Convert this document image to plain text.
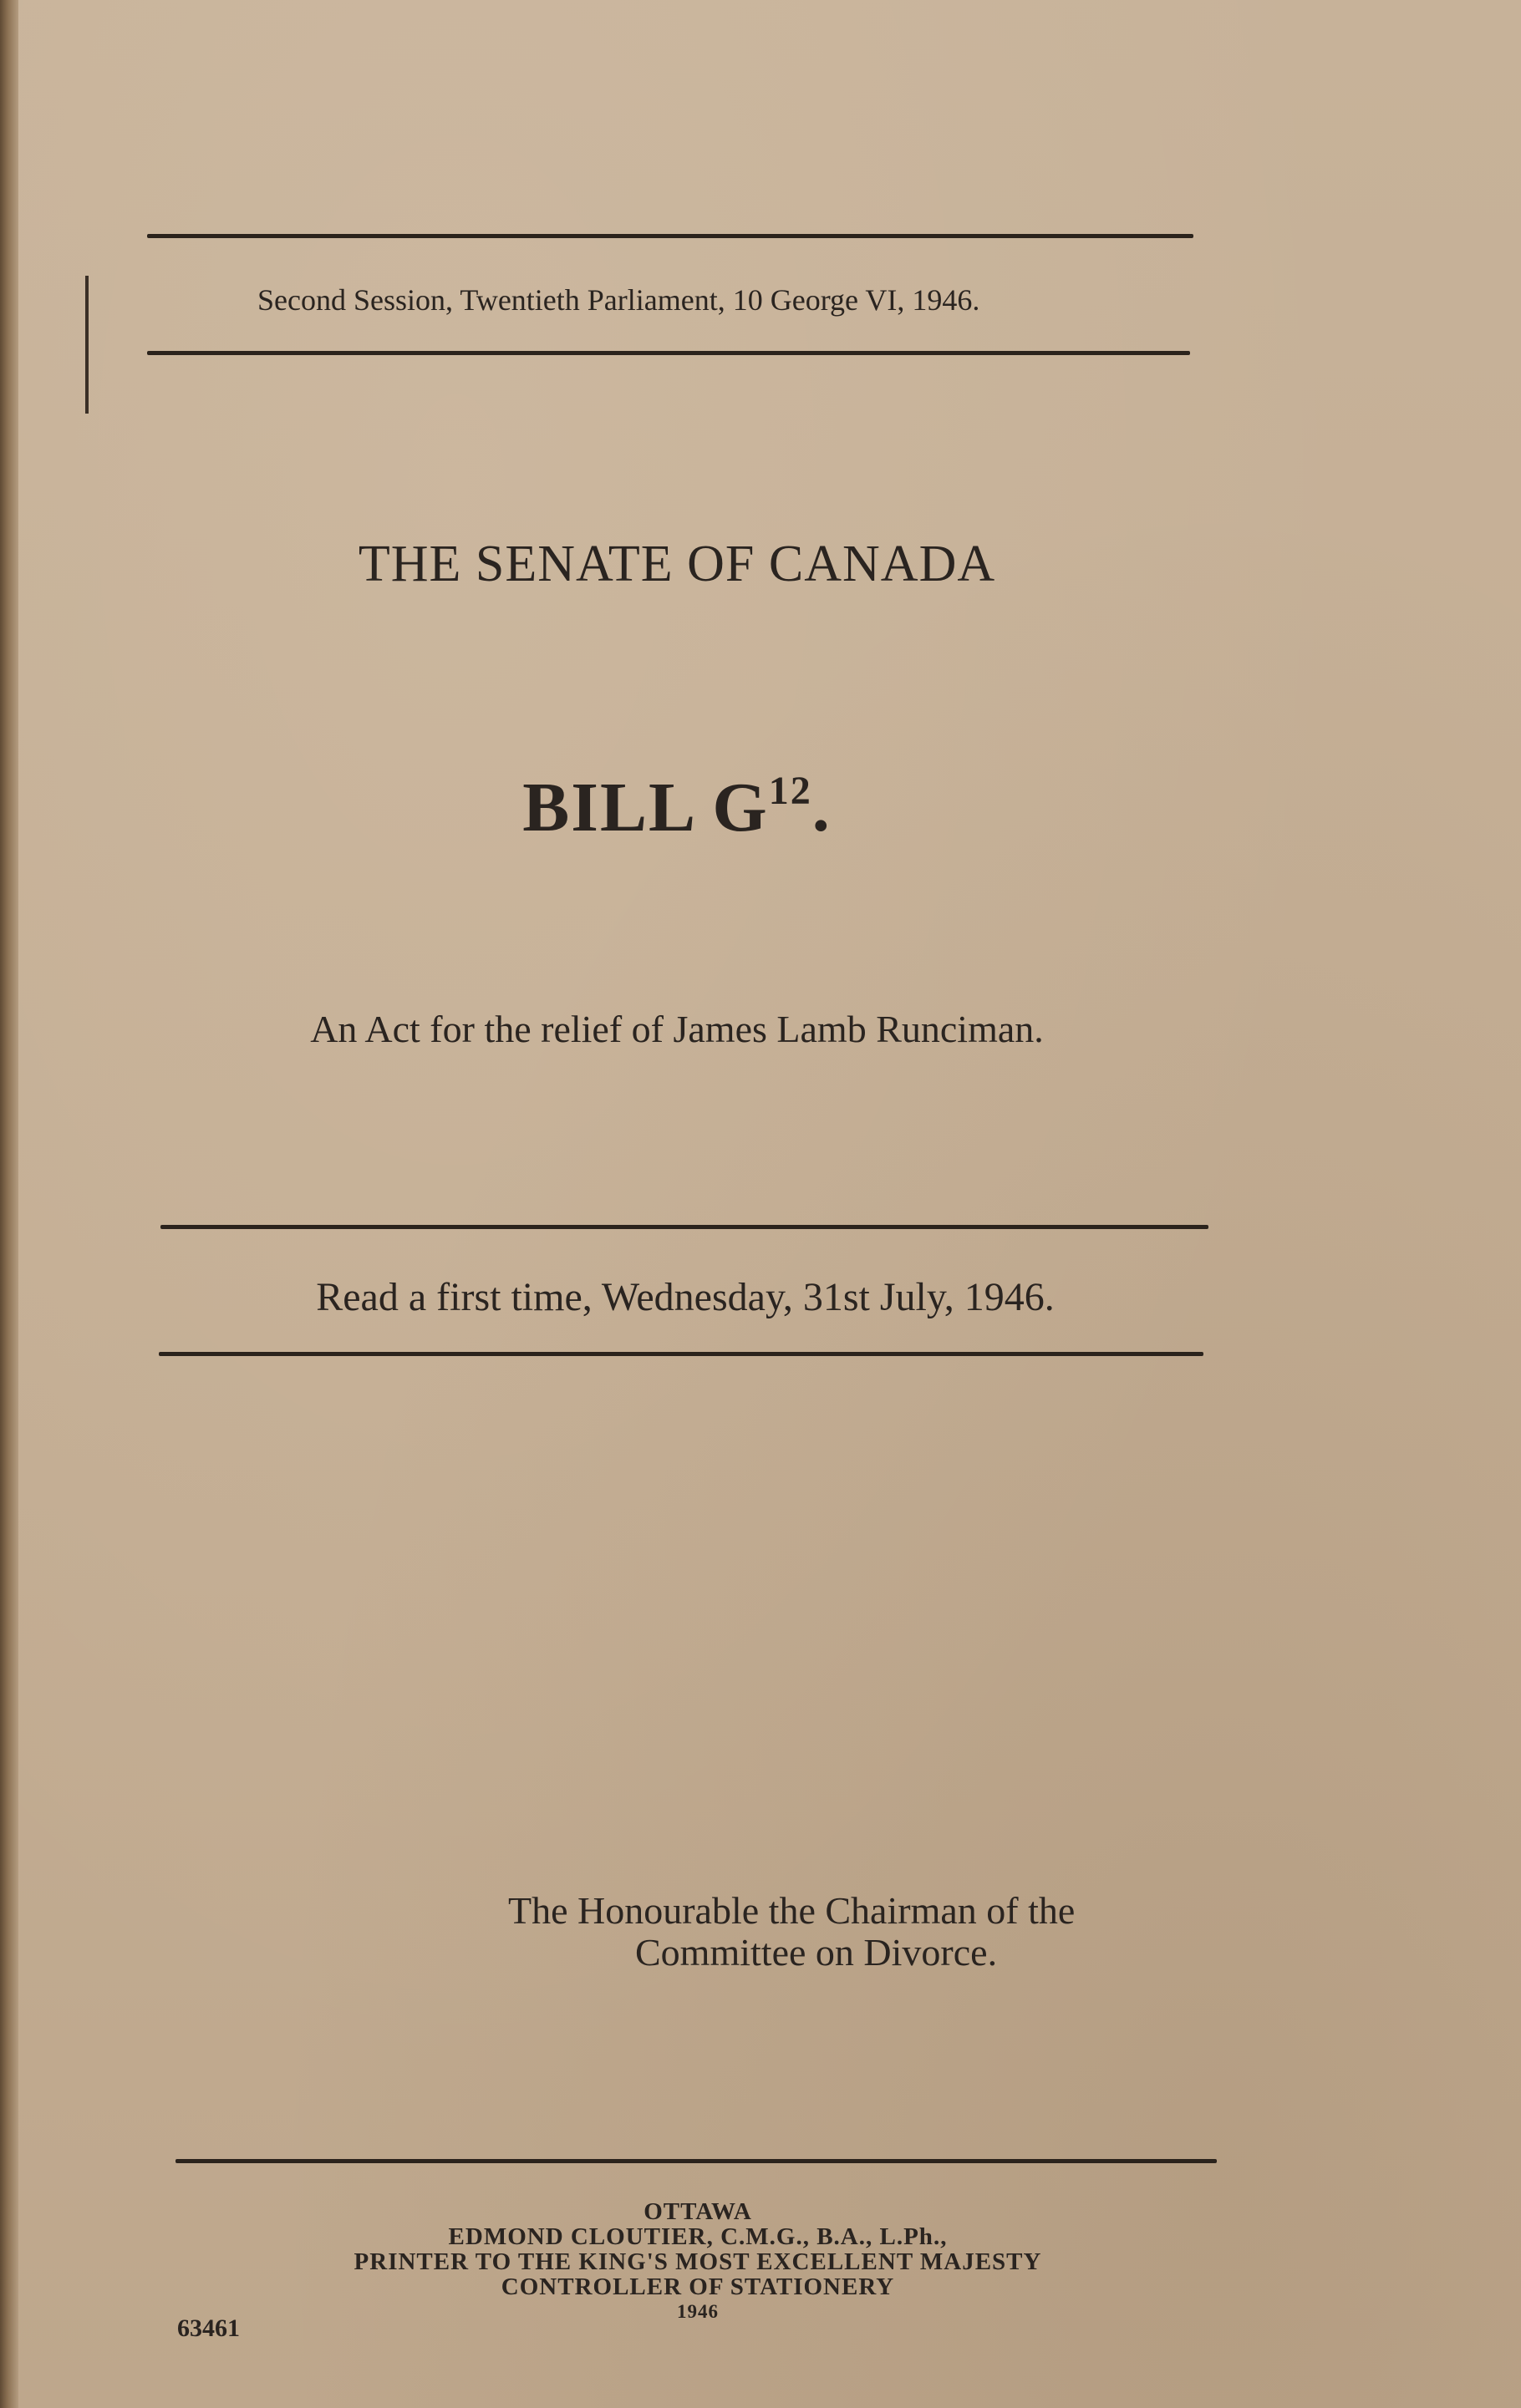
Second Session, Twentieth Parliament, 10 George VI, 1946.
THE SENATE OF CANADA
BILL $G^{12}$.
An Act for the relief of James Lamb Runciman.
Read a first time, Wednesday, 31st July, 1946.
The Honourable the Chairman of the
Committee on Divorce.
OTTAWA
EDMOND CLOUTIER, C.M.G., B.A., L.Ph.,
PRINTER TO THE KING'S MOST EXCELLENT MAJESTY
CONTROLLER OF STATIONERY
1946
63461
